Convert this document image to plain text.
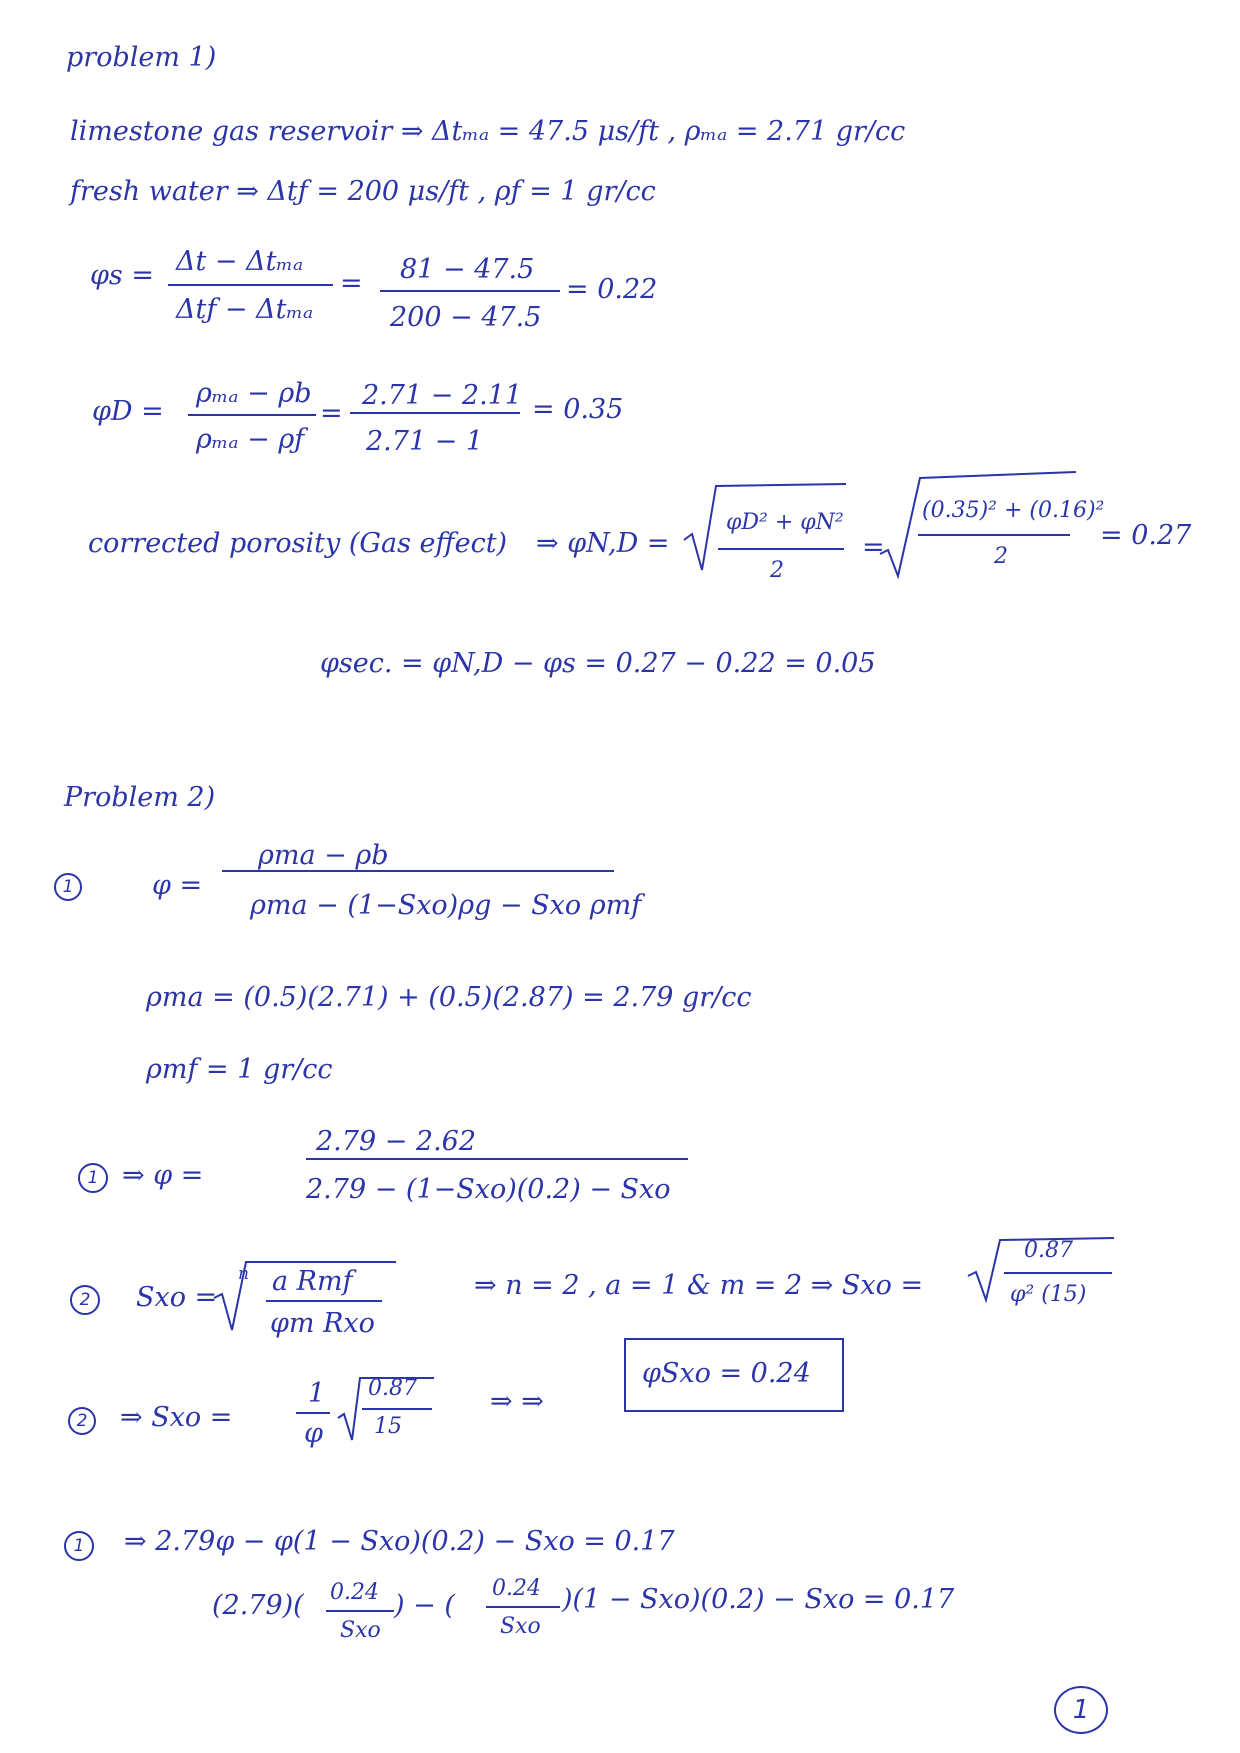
problem 1)
limestone gas reservoir ⇒ Δtₘₐ = 47.5 μs/ft , ρₘₐ = 2.71 gr/cc
fresh water ⇒ Δtƒ = 200 μs/ft , ρƒ = 1 gr/cc
φs = Δt − Δtₘₐ
Δtƒ − Δtₘₐ
= 81 − 47.5
200 − 47.5
= 0.22
φD =
ρₘₐ − ρb
ρₘₐ − ρƒ
=
2.71 − 2.11
2.71 − 1
= 0.35
corrected porosity (Gas effect) ⇒ φN,D =
φD² + φN²
2
=
(0.35)² + (0.16)²
2
= 0.27
φsec. = φN,D − φs = 0.27 − 0.22 = 0.05
Problem 2)
1	φ =
ρma − ρb
ρma − (1−Sxo)ρg − Sxo ρmf
ρma = (0.5)(2.71) + (0.5)(2.87) = 2.79 gr/cc
ρmf = 1 gr/cc
1 ⇒ φ =
2.79 − 2.62
2.79 − (1−Sxo)(0.2) − Sxo
2	Sxo =
n a Rmf
φm Rxo
⇒ n = 2 , a = 1 & m = 2 ⇒ Sxo =
0.87
φ² (15)
2	⇒ Sxo =
1
φ
0.87
15
⇒ ⇒
φSxo = 0.24
1	⇒ 2.79φ − φ(1 − Sxo)(0.2) − Sxo = 0.17
(2.79)( 0.24
Sxo
) − (
0.24
Sxo
)(1 − Sxo)(0.2) − Sxo = 0.17
1
